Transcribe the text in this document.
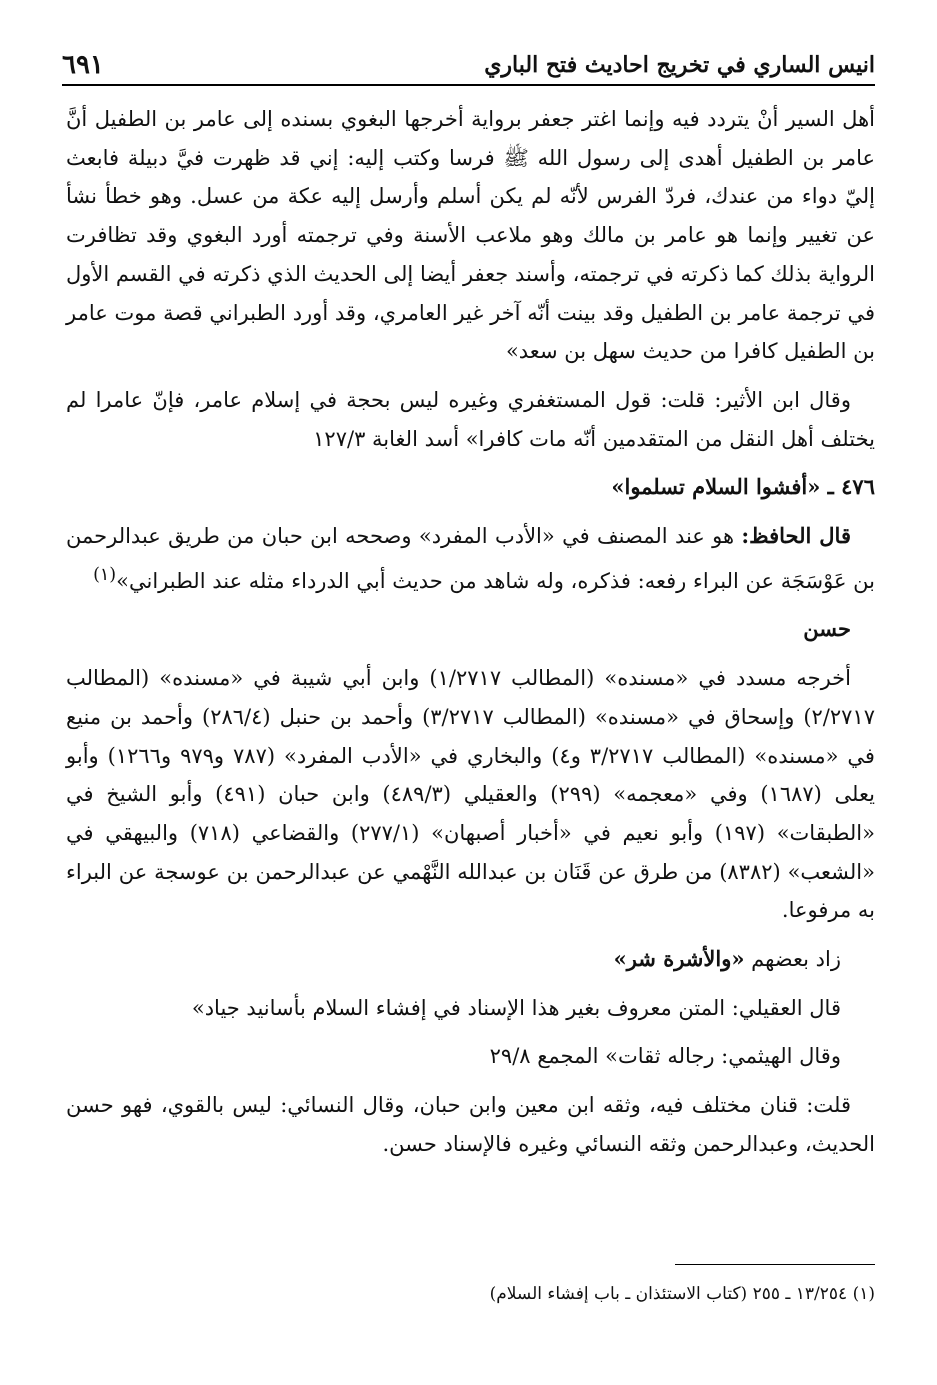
انيس الساري في تخريج احاديث فتح الباري
٦٩١

أهل السير أنْ يتردد فيه وإنما اغتر جعفر برواية أخرجها البغوي بسنده إلى عامر بن الطفيل أنَّ عامر بن الطفيل أهدى إلى رسول الله ﷺ فرسا وكتب إليه: إني قد ظهرت فيَّ دبيلة فابعث إليّ دواء من عندك، فردّ الفرس لأنّه لم يكن أسلم وأرسل إليه عكة من عسل. وهو خطأ نشأ عن تغيير وإنما هو عامر بن مالك وهو ملاعب الأسنة وفي ترجمته أورد البغوي وقد تظافرت الرواية بذلك كما ذكرته في ترجمته، وأسند جعفر أيضا إلى الحديث الذي ذكرته في القسم الأول في ترجمة عامر بن الطفيل وقد بينت أنّه آخر غير العامري، وقد أورد الطبراني قصة موت عامر بن الطفيل كافرا من حديث سهل بن سعد»

وقال ابن الأثير: قلت: قول المستغفري وغيره ليس بحجة في إسلام عامر، فإنّ عامرا لم يختلف أهل النقل من المتقدمين أنّه مات كافرا» أسد الغابة ١٢٧/٣

٤٧٦ ـ «أفشوا السلام تسلموا»

قال الحافظ: هو عند المصنف في «الأدب المفرد» وصححه ابن حبان من طريق عبدالرحمن بن عَوْسَجَة عن البراء رفعه: فذكره، وله شاهد من حديث أبي الدرداء مثله عند الطبراني»$^{(١)}$

حسن

أخرجه مسدد في «مسنده» (المطالب ١/٢٧١٧) وابن أبي شيبة في «مسنده» (المطالب ٢/٢٧١٧) وإسحاق في «مسنده» (المطالب ٣/٢٧١٧) وأحمد بن حنبل (٢٨٦/٤) وأحمد بن منيع في «مسنده» (المطالب ٣/٢٧١٧ و٤) والبخاري في «الأدب المفرد» (٧٨٧ و٩٧٩ و١٢٦٦) وأبو يعلى (١٦٨٧) وفي «معجمه» (٢٩٩) والعقيلي (٤٨٩/٣) وابن حبان (٤٩١) وأبو الشيخ في «الطبقات» (١٩٧) وأبو نعيم في «أخبار أصبهان» (٢٧٧/١) والقضاعي (٧١٨) والبيهقي في «الشعب» (٨٣٨٢) من طرق عن قَنَان بن عبدالله النَّهْمي عن عبدالرحمن بن عوسجة عن البراء به مرفوعا.

زاد بعضهم «والأشرة شر»

قال العقيلي: المتن معروف بغير هذا الإسناد في إفشاء السلام بأسانيد جياد»

وقال الهيثمي: رجاله ثقات» المجمع ٢٩/٨

قلت: قنان مختلف فيه، وثقه ابن معين وابن حبان، وقال النسائي: ليس بالقوي، فهو حسن الحديث، وعبدالرحمن وثقه النسائي وغيره فالإسناد حسن.

(١) ١٣/٢٥٤ ـ ٢٥٥ (كتاب الاستئذان ـ باب إفشاء السلام)
